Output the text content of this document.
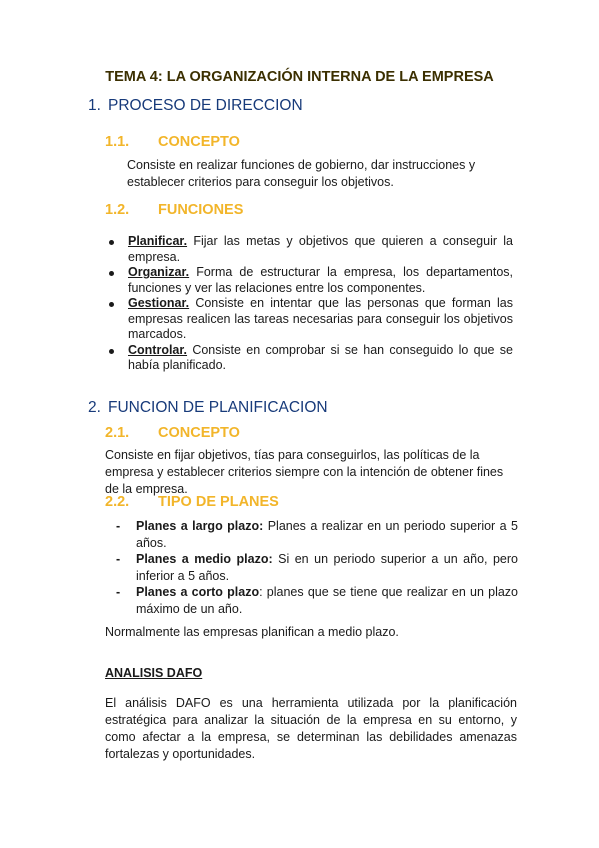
TEMA 4: LA ORGANIZACIÓN INTERNA DE LA EMPRESA
1. PROCESO DE DIRECCION
1.1. CONCEPTO
Consiste en realizar funciones de gobierno, dar instrucciones y establecer criterios para conseguir los objetivos.
1.2. FUNCIONES
Planificar. Fijar las metas y objetivos que quieren a conseguir la empresa.
Organizar. Forma de estructurar la empresa, los departamentos, funciones y ver las relaciones entre los componentes.
Gestionar. Consiste en intentar que las personas que forman las empresas realicen las tareas necesarias para conseguir los objetivos marcados.
Controlar. Consiste en comprobar si se han conseguido lo que se había planificado.
2. FUNCION DE PLANIFICACION
2.1. CONCEPTO
Consiste en fijar objetivos, tías para conseguirlos, las políticas de la empresa y establecer criterios siempre con la intención de obtener fines de la empresa.
2.2. TIPO DE PLANES
- Planes a largo plazo: Planes a realizar en un periodo superior a 5 años.
- Planes a medio plazo: Si en un periodo superior a un año, pero inferior a 5 años.
- Planes a corto plazo: planes que se tiene que realizar en un plazo máximo de un año.
Normalmente las empresas planifican a medio plazo.
ANALISIS DAFO
El análisis DAFO es una herramienta utilizada por la planificación estratégica para analizar la situación de la empresa en su entorno, y como afectar a la empresa, se determinan las debilidades amenazas fortalezas y oportunidades.
